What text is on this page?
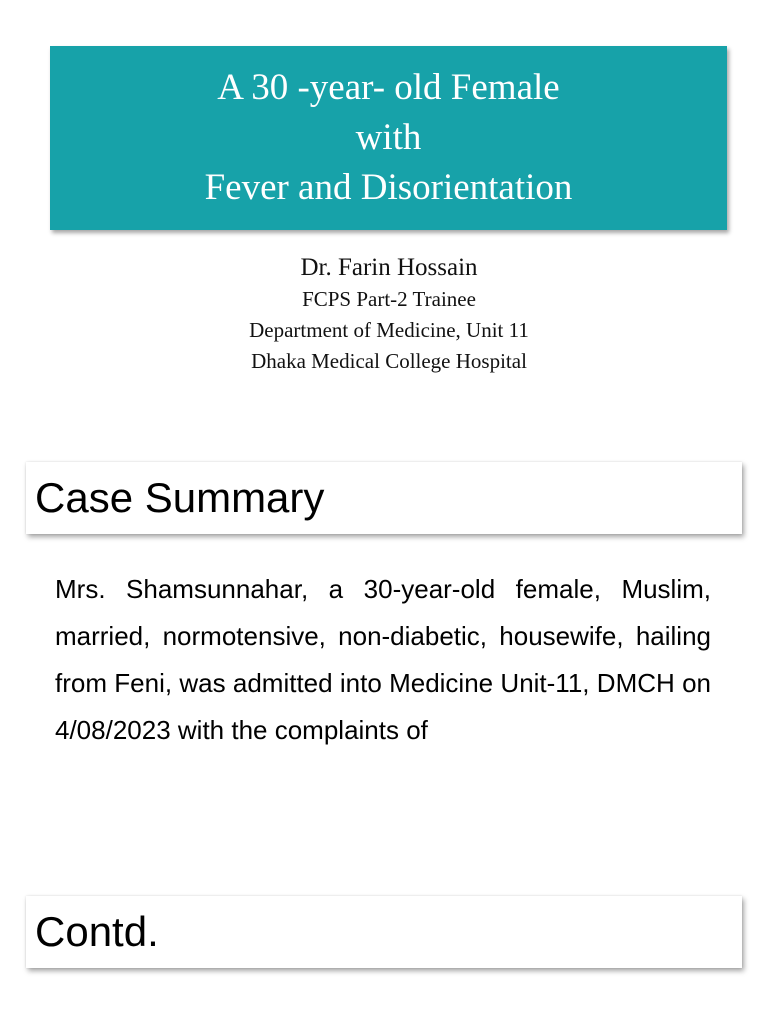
A 30 -year- old Female
with
Fever and Disorientation
Dr. Farin Hossain
FCPS Part-2 Trainee
Department of Medicine, Unit 11
Dhaka Medical College Hospital
Case Summary

Mrs. Shamsunnahar, a 30-year-old female, Muslim, married, normotensive, non-diabetic, housewife, hailing from Feni, was admitted into Medicine Unit-11, DMCH on 4/08/2023 with the complaints of

Contd.
